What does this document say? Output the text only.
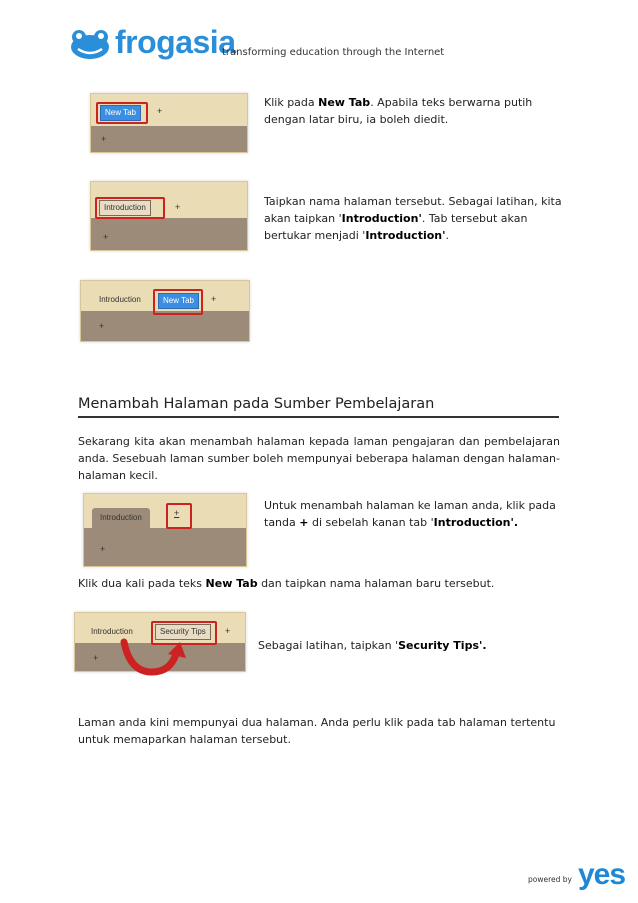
frogasia
transforming education through the Internet
New Tab	+
+
Klik pada New Tab. Apabila teks berwarna putih dengan latar biru, ia boleh diedit.
Introduction	+
+
Taipkan nama halaman tersebut. Sebagai latihan, kita akan taipkan 'Introduction'. Tab tersebut akan bertukar menjadi 'Introduction'.
Introduction	New Tab	+
+
Menambah Halaman pada Sumber Pembelajaran
Sekarang kita akan menambah halaman kepada laman pengajaran dan pembelajaran anda. Sesebuah laman sumber boleh mempunyai beberapa halaman dengan halaman-halaman kecil.
Introduction	+
+
Untuk menambah halaman ke laman anda, klik pada tanda + di sebelah kanan tab 'Introduction'.
Klik dua kali pada teks New Tab dan taipkan nama halaman baru tersebut.
Introduction	Security Tips	+
+
Sebagai latihan, taipkan 'Security Tips'.
Laman anda kini mempunyai dua halaman. Anda perlu klik pada tab halaman tertentu untuk memaparkan halaman tersebut.
powered by yes
